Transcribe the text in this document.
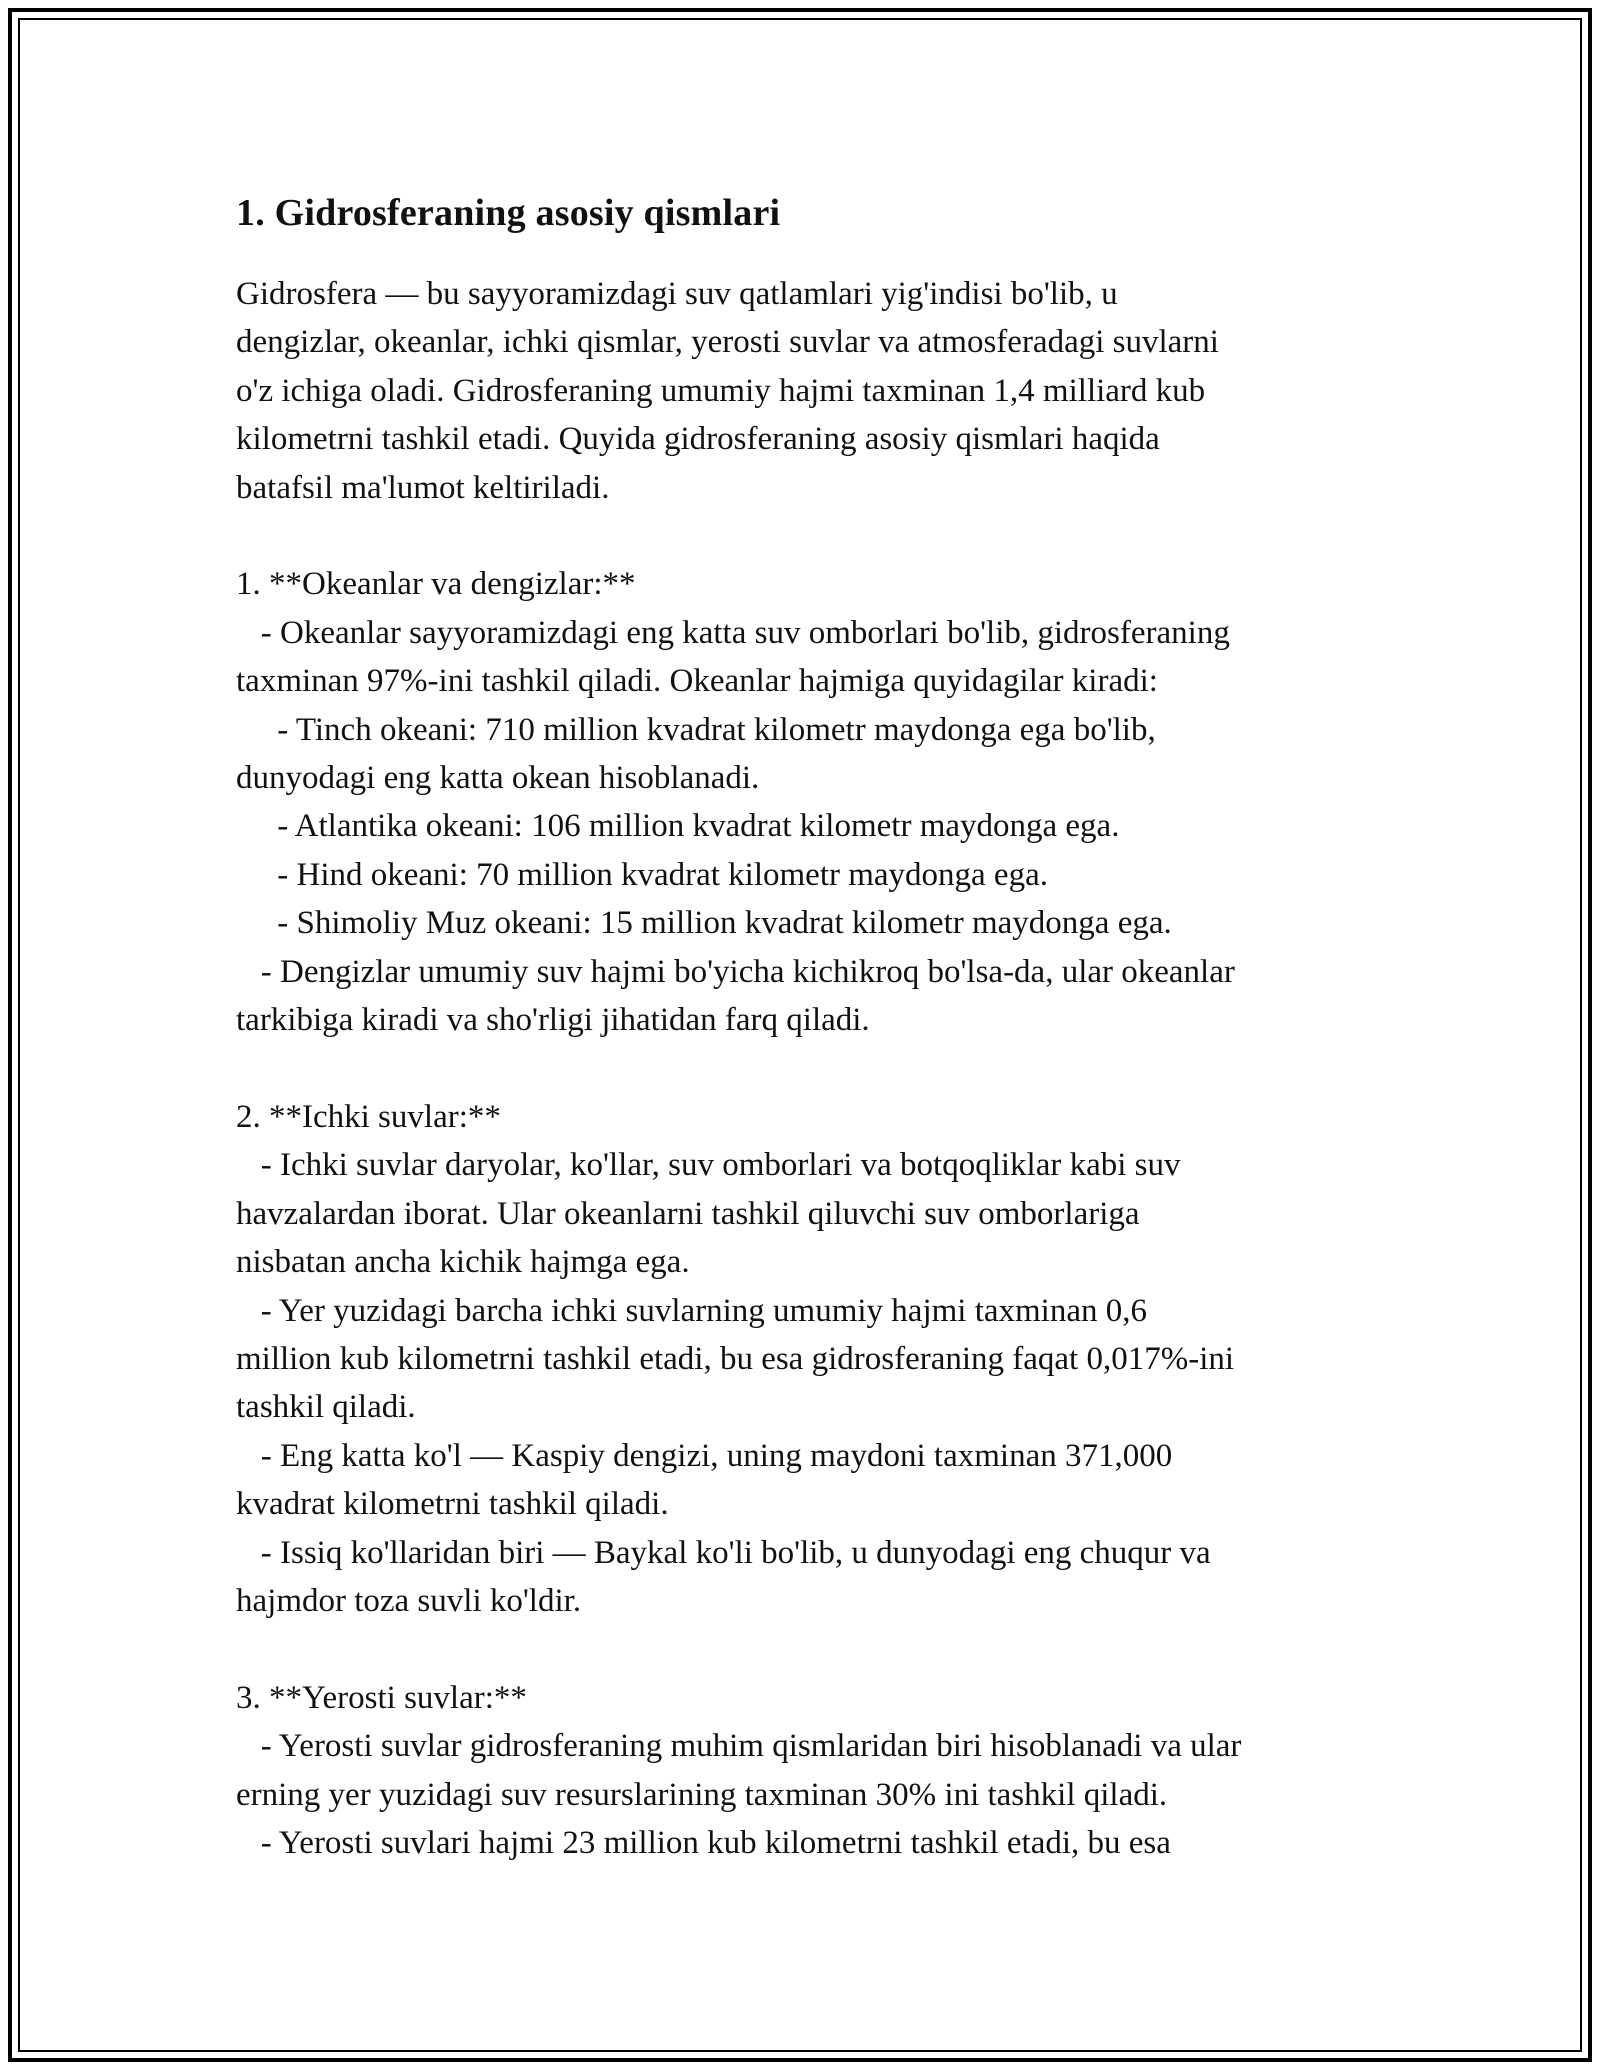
1. Gidrosferaning asosiy qismlari

Gidrosfera — bu sayyoramizdagi suv qatlamlari yig'indisi bo'lib, u
dengizlar, okeanlar, ichki qismlar, yerosti suvlar va atmosferadagi suvlarni
o'z ichiga oladi. Gidrosferaning umumiy hajmi taxminan 1,4 milliard kub
kilometrni tashkil etadi. Quyida gidrosferaning asosiy qismlari haqida
batafsil ma'lumot keltiriladi.

1. **Okeanlar va dengizlar:**

- Okeanlar sayyoramizdagi eng katta suv omborlari bo'lib, gidrosferaning
taxminan 97%-ini tashkil qiladi. Okeanlar hajmiga quyidagilar kiradi:
- Tinch okeani: 710 million kvadrat kilometr maydonga ega bo'lib,
dunyodagi eng katta okean hisoblanadi.
- Atlantika okeani: 106 million kvadrat kilometr maydonga ega.
- Hind okeani: 70 million kvadrat kilometr maydonga ega.
- Shimoliy Muz okeani: 15 million kvadrat kilometr maydonga ega.
- Dengizlar umumiy suv hajmi bo'yicha kichikroq bo'lsa-da, ular okeanlar
tarkibiga kiradi va sho'rligi jihatidan farq qiladi.

2. **Ichki suvlar:**

- Ichki suvlar daryolar, ko'llar, suv omborlari va botqoqliklar kabi suv
havzalardan iborat. Ular okeanlarni tashkil qiluvchi suv omborlariga
nisbatan ancha kichik hajmga ega.
- Yer yuzidagi barcha ichki suvlarning umumiy hajmi taxminan 0,6
million kub kilometrni tashkil etadi, bu esa gidrosferaning faqat 0,017%-ini
tashkil qiladi.
- Eng katta ko'l — Kaspiy dengizi, uning maydoni taxminan 371,000
kvadrat kilometrni tashkil qiladi.
- Issiq ko'llaridan biri — Baykal ko'li bo'lib, u dunyodagi eng chuqur va
hajmdor toza suvli ko'ldir.

3. **Yerosti suvlar:**

- Yerosti suvlar gidrosferaning muhim qismlaridan biri hisoblanadi va ular
erning yer yuzidagi suv resurslarining taxminan 30% ini tashkil qiladi.
- Yerosti suvlari hajmi 23 million kub kilometrni tashkil etadi, bu esa
